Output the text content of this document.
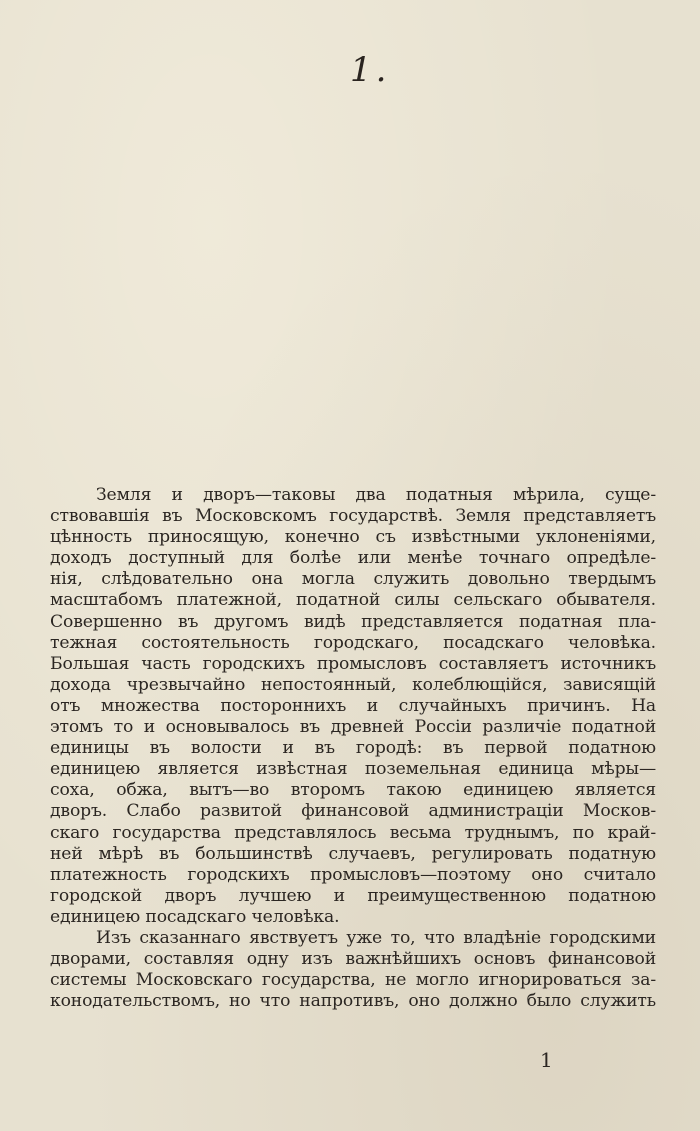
1.
Земля и дворъ—таковы два податныя мѣрила, суще-
ствовавшія въ Московскомъ государствѣ. Земля представляетъ
цѣнность приносящую, конечно съ извѣстными уклоненіями,
доходъ доступный для болѣе или менѣе точнаго опредѣле-
нія, слѣдовательно она могла служить довольно твердымъ
масштабомъ платежной, податной силы сельскаго обывателя.
Совершенно въ другомъ видѣ представляется податная пла-
тежная состоятельность городскаго, посадскаго человѣка.
Большая часть городскихъ промысловъ составляетъ источникъ
дохода чрезвычайно непостоянный, колеблющійся, зависящій
отъ множества постороннихъ и случайныхъ причинъ. На
этомъ то и основывалось въ древней Россіи различіе податной
единицы въ волости и въ городѣ: въ первой податною
единицею является извѣстная поземельная единица мѣры—
соха, обжа, вытъ—во второмъ такою единицею является
дворъ. Слабо развитой финансовой администраціи Москов-
скаго государства представлялось весьма труднымъ, по край-
ней мѣрѣ въ большинствѣ случаевъ, регулировать податную
платежность городскихъ промысловъ—поэтому оно считало
городской дворъ лучшею и преимущественною податною
единицею посадскаго человѣка.
Изъ сказаннаго явствуетъ уже то, что владѣніе городскими
дворами, составляя одну изъ важнѣйшихъ основъ финансовой
системы Московскаго государства, не могло игнорироваться за-
конодательствомъ, но что напротивъ, оно должно было служить
1
